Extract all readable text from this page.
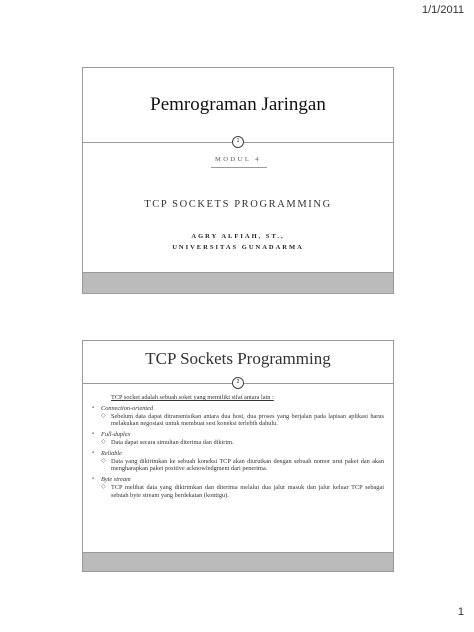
1/1/2011
Pemrograman Jaringan
1
MODUL 4
TCP SOCKETS PROGRAMMING
AGRY ALFIAH, ST.,
UNIVERSITAS GUNADARMA
TCP Sockets Programming
2
TCP socket adalah sebuah soket yang memiliki sifat antara lain :
▪ Connection-oriented
◇ Sebelum data dapat ditransmisikan antara dua host, dua proses yang berjalan pada lapisan aplikasi harus melakukan negosiasi untuk membuat sesi koneksi terlebih dahulu.
▪ Full-duplex
◇ Data dapat secara simultan diterima dan dikirim.
▪ Reliable
◇ Data yang dikirimkan ke sebuah koneksi TCP akan diurutkan dengan sebuah nomor urut paket dan akan mengharapkan paket positive acknowledgment dari penerima.
▪ Byte stream
◇ TCP melihat data yang dikirimkan dan diterima melalui dua jalur masuk dan jalur keluar TCP sebagai sebuah byte stream yang berdekatan (kontigu).
1
